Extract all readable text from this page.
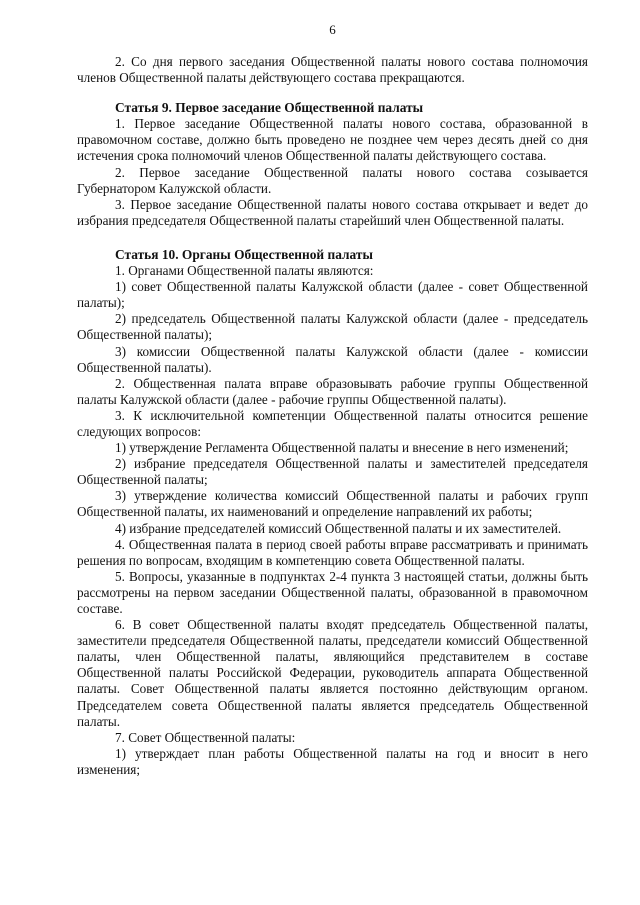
6

2. Со дня первого заседания Общественной палаты нового состава полномочия членов Общественной палаты действующего состава прекращаются.

Статья 9. Первое заседание Общественной палаты

1. Первое заседание Общественной палаты нового состава, образованной в правомочном составе, должно быть проведено не позднее чем через десять дней со дня истечения срока полномочий членов Общественной палаты действующего состава.

2. Первое заседание Общественной палаты нового состава созывается Губернатором Калужской области.

3. Первое заседание Общественной палаты нового состава открывает и ведет до избрания председателя Общественной палаты старейший член Общественной палаты.

Статья 10. Органы Общественной палаты

1. Органами Общественной палаты являются:

1) совет Общественной палаты Калужской области (далее - совет Общественной палаты);

2) председатель Общественной палаты Калужской области (далее - председатель Общественной палаты);

3) комиссии Общественной палаты Калужской области (далее - комиссии Общественной палаты).

2. Общественная палата вправе образовывать рабочие группы Общественной палаты Калужской области (далее - рабочие группы Общественной палаты).

3. К исключительной компетенции Общественной палаты относится решение следующих вопросов:

1) утверждение Регламента Общественной палаты и внесение в него изменений;

2) избрание председателя Общественной палаты и заместителей председателя Общественной палаты;

3) утверждение количества комиссий Общественной палаты и рабочих групп Общественной палаты, их наименований и определение направлений их работы;

4) избрание председателей комиссий Общественной палаты и их заместителей.

4. Общественная палата в период своей работы вправе рассматривать и принимать решения по вопросам, входящим в компетенцию совета Общественной палаты.

5. Вопросы, указанные в подпунктах 2-4 пункта 3 настоящей статьи, должны быть рассмотрены на первом заседании Общественной палаты, образованной в правомочном составе.

6. В совет Общественной палаты входят председатель Общественной палаты, заместители председателя Общественной палаты, председатели комиссий Общественной палаты, член Общественной палаты, являющийся представителем в составе Общественной палаты Российской Федерации, руководитель аппарата Общественной палаты. Совет Общественной палаты является постоянно действующим органом. Председателем совета Общественной палаты является председатель Общественной палаты.

7. Совет Общественной палаты:

1) утверждает план работы Общественной палаты на год и вносит в него изменения;
